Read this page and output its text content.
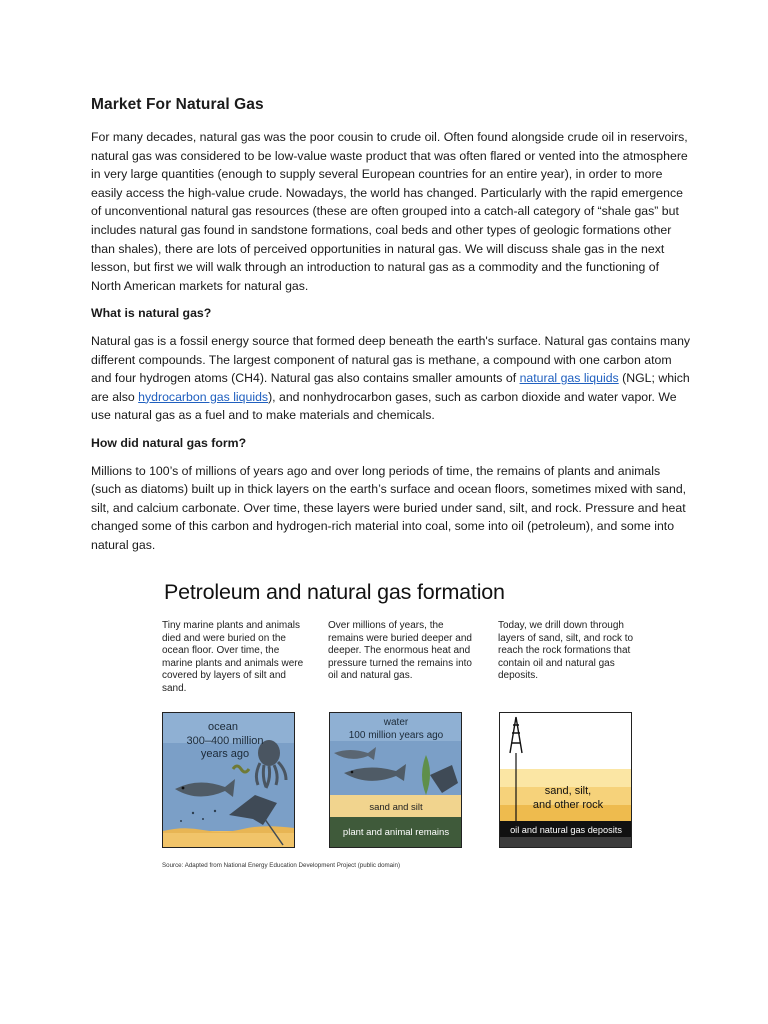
Market For Natural Gas

For many decades, natural gas was the poor cousin to crude oil. Often found alongside crude oil in reservoirs, natural gas was considered to be low-value waste product that was often flared or vented into the atmosphere in very large quantities (enough to supply several European countries for an entire year), in order to more easily access the high-value crude. Nowadays, the world has changed. Particularly with the rapid emergence of unconventional natural gas resources (these are often grouped into a catch-all category of “shale gas” but includes natural gas found in sandstone formations, coal beds and other types of geologic formations other than shales), there are lots of perceived opportunities in natural gas. We will discuss shale gas in the next lesson, but first we will walk through an introduction to natural gas as a commodity and the functioning of North American markets for natural gas.

What is natural gas?

Natural gas is a fossil energy source that formed deep beneath the earth's surface. Natural gas contains many different compounds. The largest component of natural gas is methane, a compound with one carbon atom and four hydrogen atoms (CH4). Natural gas also contains smaller amounts of natural gas liquids (NGL; which are also hydrocarbon gas liquids), and nonhydrocarbon gases, such as carbon dioxide and water vapor. We use natural gas as a fuel and to make materials and chemicals.

How did natural gas form?

Millions to 100’s of millions of years ago and over long periods of time, the remains of plants and animals (such as diatoms) built up in thick layers on the earth’s surface and ocean floors, sometimes mixed with sand, silt, and calcium carbonate. Over time, these layers were buried under sand, silt, and rock. Pressure and heat changed some of this carbon and hydrogen-rich material into coal, some into oil (petroleum), and some into natural gas.

Petroleum and natural gas formation
Tiny marine plants and animals died and were buried on the ocean floor. Over time, the marine plants and animals were covered by layers of silt and sand.
Over millions of years, the remains were buried deeper and deeper. The enormous heat and pressure turned the remains into oil and natural gas.
Today, we drill down through layers of sand, silt, and rock to reach the rock formations that contain oil and natural gas deposits.
ocean
300–400 million
years ago
water
100 million years ago
sand and silt
plant and animal remains
sand, silt,
and other rock
oil and natural gas deposits
Source: Adapted from National Energy Education Development Project (public domain)
